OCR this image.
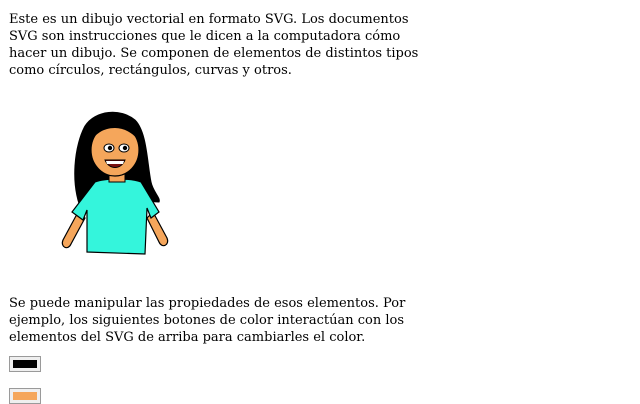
Este es un dibujo vectorial en formato SVG. Los documentos SVG son instrucciones que le dicen a la computadora cómo hacer un dibujo. Se componen de elementos de distintos tipos como círculos, rectángulos, curvas y otros.

Se puede manipular las propiedades de esos elementos. Por ejemplo, los siguientes botones de color interactúan con los elementos del SVG de arriba para cambiarles el color.
